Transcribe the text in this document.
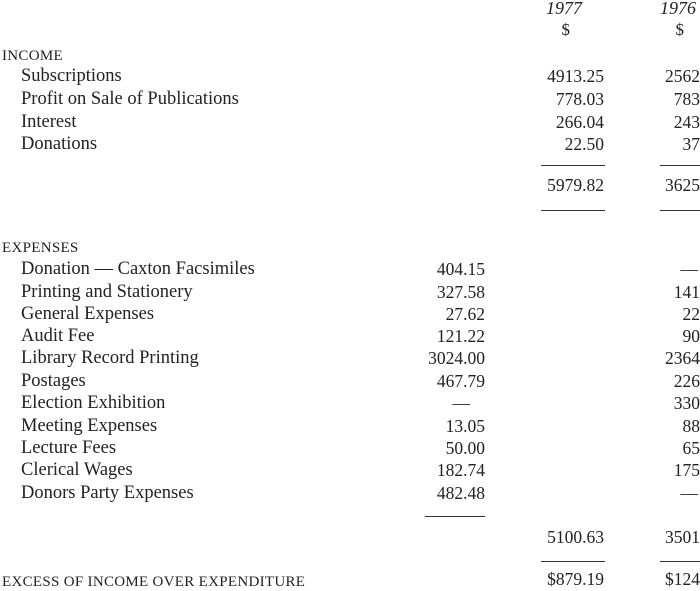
1977	1976
$	$
INCOME
Subscriptions	4913.25	2562
Profit on Sale of Publications	778.03	783
Interest	266.04	243
Donations	22.50	37
5979.82	3625
EXPENSES
Donation — Caxton Facsimiles	404.15	—
Printing and Stationery	327.58	141
General Expenses	27.62	22
Audit Fee	121.22	90
Library Record Printing	3024.00	2364
Postages	467.79	226
Election Exhibition	—	330
Meeting Expenses	13.05	88
Lecture Fees	50.00	65
Clerical Wages	182.74	175
Donors Party Expenses	482.48	—
5100.63	3501
EXCESS OF INCOME OVER EXPENDITURE	$879.19	$124
